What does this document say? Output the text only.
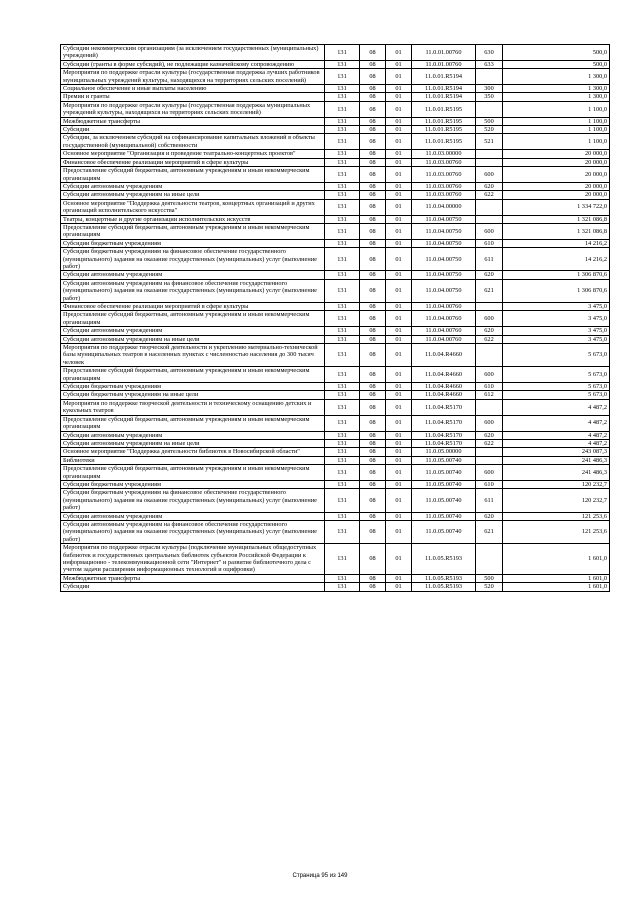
Субсидии некоммерческим организациям (за исключением государственных (муниципальных) учреждений)	131	08	01	11.0.01.00760	630	500,0
Субсидии (гранты в форме субсидий), не подлежащие казначейскому сопровождению	131	08	01	11.0.01.00760	633	500,0
Мероприятия по поддержке отрасли культуры (государственная поддержка лучших работников муниципальных учреждений культуры, находящихся на территориях сельских поселений)	131	08	01	11.0.01.R5194		1 300,0
Социальное обеспечение и иные выплаты населению	131	08	01	11.0.01.R5194	300	1 300,0
Премии и гранты	131	08	01	11.0.01.R5194	350	1 300,0
Мероприятия по поддержке отрасли культуры (государственная поддержка муниципальных учреждений культуры, находящихся на территориях сельских поселений)	131	08	01	11.0.01.R5195		1 100,0
Межбюджетные трансферты	131	08	01	11.0.01.R5195	500	1 100,0
Субсидии	131	08	01	11.0.01.R5195	520	1 100,0
Субсидии, за исключением субсидий на софинансирование капитальных вложений в объекты государственной (муниципальной) собственности	131	08	01	11.0.01.R5195	521	1 100,0
Основное мероприятие "Организация и проведение театрально-концертных проектов"	131	08	01	11.0.03.00000		20 000,0
Финансовое обеспечение реализации мероприятий в сфере культуры	131	08	01	11.0.03.00760		20 000,0
Предоставление субсидий бюджетным, автономным учреждениям и иным некоммерческим организациям	131	08	01	11.0.03.00760	600	20 000,0
Субсидии автономным учреждениям	131	08	01	11.0.03.00760	620	20 000,0
Субсидии автономным учреждениям на иные цели	131	08	01	11.0.03.00760	622	20 000,0
Основное мероприятие "Поддержка деятельности театров, концертных организаций и других организаций исполнительского искусства"	131	08	01	11.0.04.00000		1 334 722,0
Театры, концертные и другие организации исполнительских искусств	131	08	01	11.0.04.00750		1 321 086,8
Предоставление субсидий бюджетным, автономным учреждениям и иным некоммерческим организациям	131	08	01	11.0.04.00750	600	1 321 086,8
Субсидии бюджетным учреждениям	131	08	01	11.0.04.00750	610	14 216,2
Субсидии бюджетным учреждениям на финансовое обеспечение государственного (муниципального) задания на оказание государственных (муниципальных) услуг (выполнение работ)	131	08	01	11.0.04.00750	611	14 216,2
Субсидии автономным учреждениям	131	08	01	11.0.04.00750	620	1 306 870,6
Субсидии автономным учреждениям на финансовое обеспечение государственного (муниципального) задания на оказание государственных (муниципальных) услуг (выполнение работ)	131	08	01	11.0.04.00750	621	1 306 870,6
Финансовое обеспечение реализации мероприятий в сфере культуры	131	08	01	11.0.04.00760		3 475,0
Предоставление субсидий бюджетным, автономным учреждениям и иным некоммерческим организациям	131	08	01	11.0.04.00760	600	3 475,0
Субсидии автономным учреждениям	131	08	01	11.0.04.00760	620	3 475,0
Субсидии автономным учреждениям на иные цели	131	08	01	11.0.04.00760	622	3 475,0
Мероприятия по поддержке творческой деятельности и укреплению материально-технической базы муниципальных театров в населенных пунктах с численностью населения до 300 тысяч человек	131	08	01	11.0.04.R4660		5 673,0
Предоставление субсидий бюджетным, автономным учреждениям и иным некоммерческим организациям	131	08	01	11.0.04.R4660	600	5 673,0
Субсидии бюджетным учреждениям	131	08	01	11.0.04.R4660	610	5 673,0
Субсидии бюджетным учреждениям на иные цели	131	08	01	11.0.04.R4660	612	5 673,0
Мероприятия по поддержке творческой деятельности и техническому оснащению детских и кукольных театров	131	08	01	11.0.04.R5170		4 487,2
Предоставление субсидий бюджетным, автономным учреждениям и иным некоммерческим организациям	131	08	01	11.0.04.R5170	600	4 487,2
Субсидии автономным учреждениям	131	08	01	11.0.04.R5170	620	4 487,2
Субсидии автономным учреждениям на иные цели	131	08	01	11.0.04.R5170	622	4 487,2
Основное мероприятие "Поддержка деятельности библиотек в Новосибирской области"	131	08	01	11.0.05.00000		243 087,3
Библиотеки	131	08	01	11.0.05.00740		241 486,3
Предоставление субсидий бюджетным, автономным учреждениям и иным некоммерческим организациям	131	08	01	11.0.05.00740	600	241 486,3
Субсидии бюджетным учреждениям	131	08	01	11.0.05.00740	610	120 232,7
Субсидии бюджетным учреждениям на финансовое обеспечение государственного (муниципального) задания на оказание государственных (муниципальных) услуг (выполнение работ)	131	08	01	11.0.05.00740	611	120 232,7
Субсидии автономным учреждениям	131	08	01	11.0.05.00740	620	121 253,6
Субсидии автономным учреждениям на финансовое обеспечение государственного (муниципального) задания на оказание государственных (муниципальных) услуг (выполнение работ)	131	08	01	11.0.05.00740	621	121 253,6
Мероприятия по поддержке отрасли культуры (подключение муниципальных общедоступных библиотек и государственных центральных библиотек субъектов Российской Федерации к информационно - телекоммуникационной сети "Интернет" и развитие библиотечного дела с учетом задачи расширения информационных технологий и оцифровки)	131	08	01	11.0.05.R5193		1 601,0
Межбюджетные трансферты	131	08	01	11.0.05.R5193	500	1 601,0
Субсидии	131	08	01	11.0.05.R5193	520	1 601,0
Страница 95 из 149
